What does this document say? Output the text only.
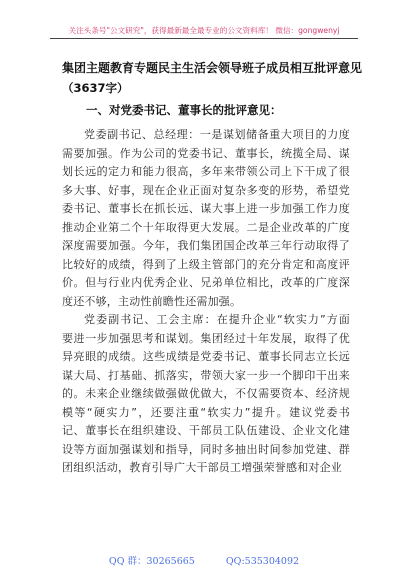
关注头条号"公文研究"，获得最新最全最专业的公文资料库！ 微信：gongwenyj
集团主题教育专题民主生活会领导班子成员相互批评意见
（3637字）
一、对党委书记、董事长的批评意见：
党委副书记、总经理：一是谋划储备重大项目的力度
需要加强。作为公司的党委书记、董事长，统揽全局、谋
划长远的定力和能力很高，多年来带领公司上下干成了很
多大事、好事，现在企业正面对复杂多变的形势，希望党
委书记、董事长在抓长远、谋大事上进一步加强工作力度
推动企业第二个十年取得更大发展。二是企业改革的广度
深度需要加强。今年，我们集团国企改革三年行动取得了
比较好的成绩，得到了上级主管部门的充分肯定和高度评
价。但与行业内优秀企业、兄弟单位相比，改革的广度深
度还不够，主动性前瞻性还需加强。
党委副书记、工会主席：在提升企业“软实力”方面
要进一步加强思考和谋划。集团经过十年发展，取得了优
异亮眼的成绩。这些成绩是党委书记、董事长同志立长远
谋大局、打基础、抓落实，带领大家一步一个脚印干出来
的。未来企业继续做强做优做大，不仅需要资本、经济规
模等“硬实力”，还要注重“软实力”提升。建议党委书
记、董事长在组织建设、干部员工队伍建设、企业文化建
设等方面加强谋划和指导，同时多抽出时间参加党建、群
团组织活动，教育引导广大干部员工增强荣誉感和对企业
QQ 群：30265665	QQ:535304092
